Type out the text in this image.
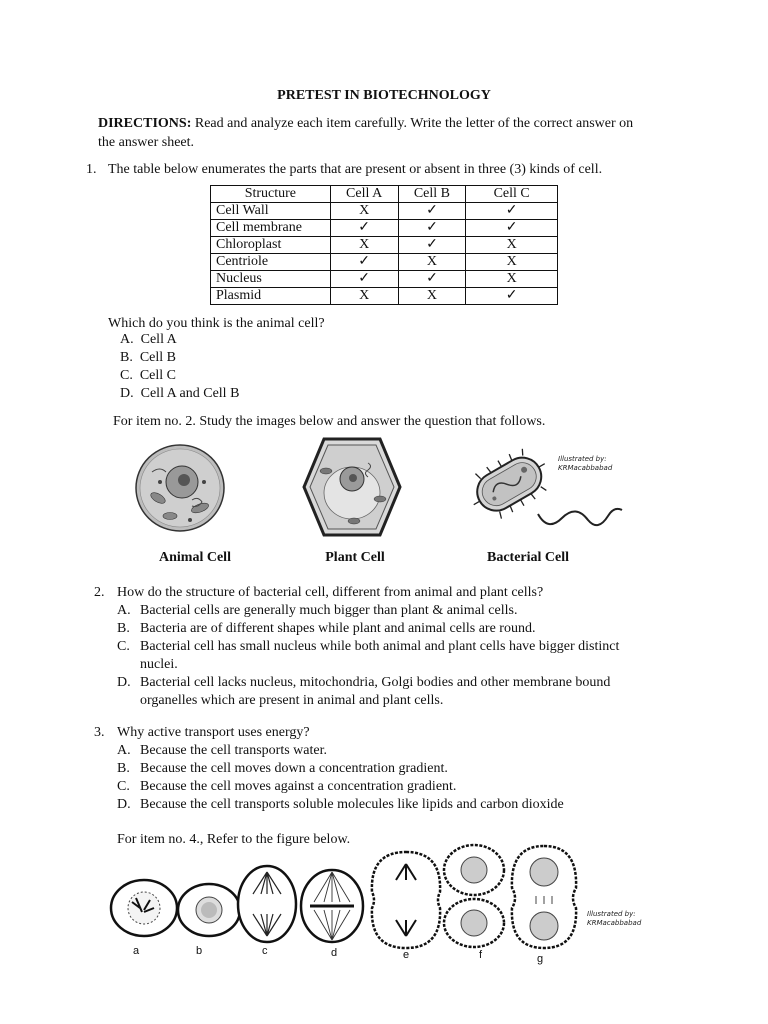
PRETEST IN BIOTECHNOLOGY
DIRECTIONS: Read and analyze each item carefully. Write the letter of the correct answer on
the answer sheet.
1. The table below enumerates the parts that are present or absent in three (3) kinds of cell.
Structure	Cell A	Cell B	Cell C
Cell Wall	X	✓	✓
Cell membrane	✓	✓	✓
Chloroplast	X	✓	X
Centriole	✓	X	X
Nucleus	✓	✓	X
Plasmid	X	X	✓
Which do you think is the animal cell?
A. Cell A
B. Cell B
C. Cell C
D. Cell A and Cell B
For item no. 2. Study the images below and answer the question that follows.
Illustrated by:
KRMacabbabad
Animal Cell	Plant Cell	Bacterial Cell
2. How do the structure of bacterial cell, different from animal and plant cells?
A. Bacterial cells are generally much bigger than plant & animal cells.
B. Bacteria are of different shapes while plant and animal cells are round.
C. Bacterial cell has small nucleus while both animal and plant cells have bigger distinct
nuclei.
D. Bacterial cell lacks nucleus, mitochondria, Golgi bodies and other membrane bound
organelles which are present in animal and plant cells.
3. Why active transport uses energy?
A. Because the cell transports water.
B. Because the cell moves down a concentration gradient.
C. Because the cell moves against a concentration gradient.
D. Because the cell transports soluble molecules like lipids and carbon dioxide
For item no. 4., Refer to the figure below.
Illustrated by:
KRMacabbabad
a	b	c	d	e	f	g
